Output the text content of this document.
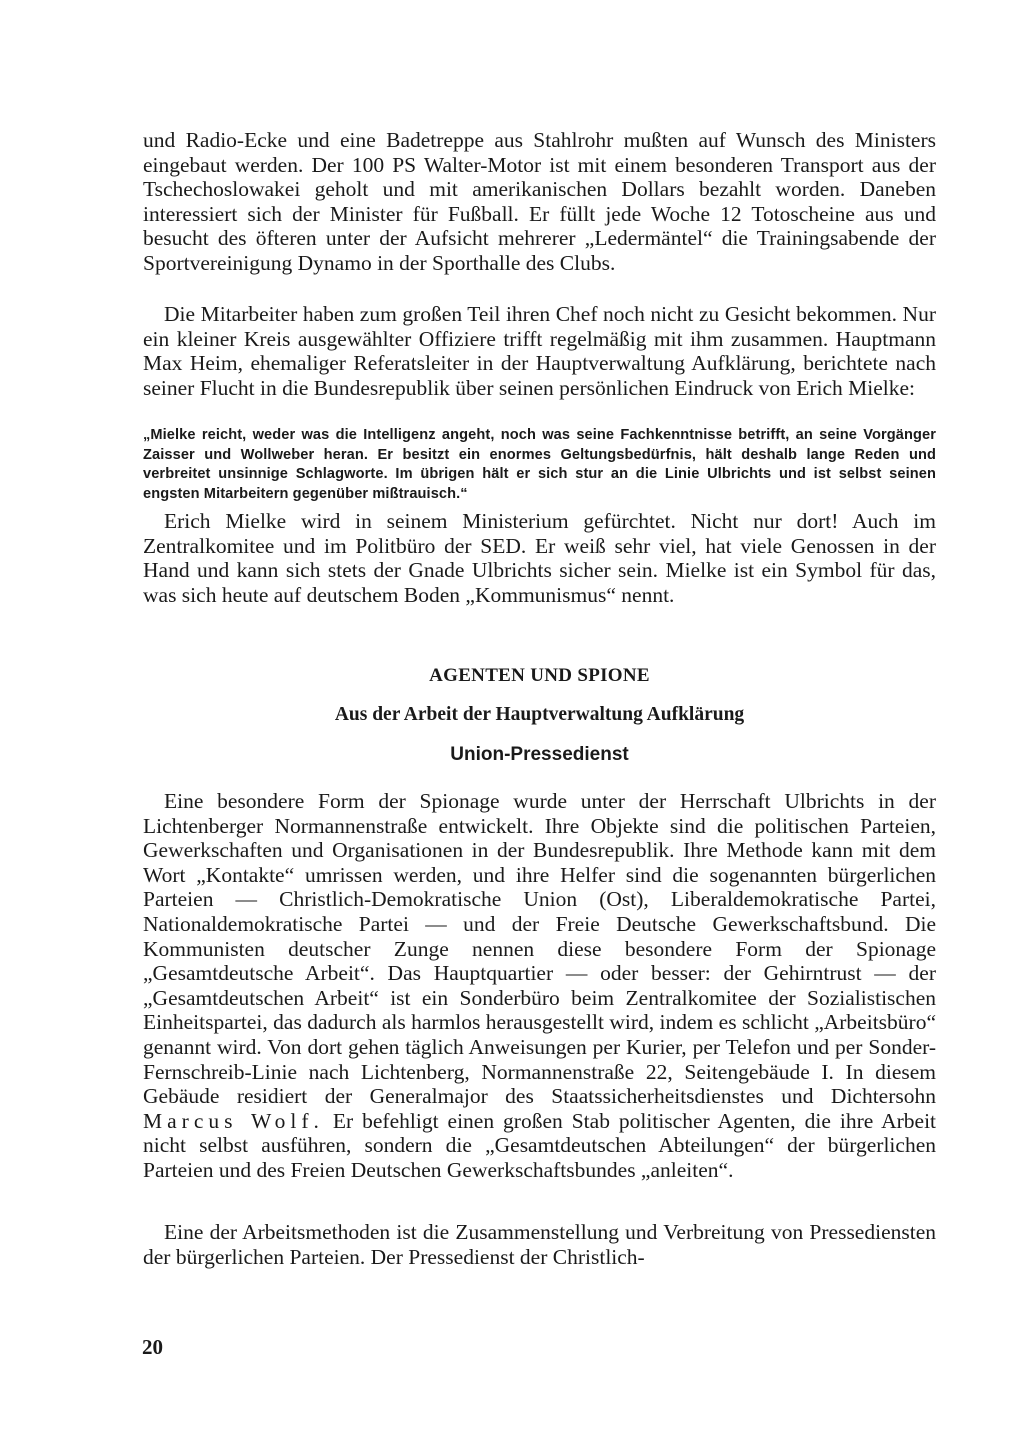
und Radio-Ecke und eine Badetreppe aus Stahlrohr mußten auf Wunsch des Ministers eingebaut werden. Der 100 PS Walter-Motor ist mit einem besonderen Transport aus der Tschechoslowakei geholt und mit amerikanischen Dollars bezahlt worden. Daneben interessiert sich der Minister für Fußball. Er füllt jede Woche 12 Totoscheine aus und besucht des öfteren unter der Aufsicht mehrerer „Ledermäntel“ die Trainingsabende der Sportvereinigung Dynamo in der Sporthalle des Clubs.

Die Mitarbeiter haben zum großen Teil ihren Chef noch nicht zu Gesicht bekommen. Nur ein kleiner Kreis ausgewählter Offiziere trifft regelmäßig mit ihm zusammen. Hauptmann Max Heim, ehemaliger Referatsleiter in der Hauptverwaltung Aufklärung, berichtete nach seiner Flucht in die Bundesrepublik über seinen persönlichen Eindruck von Erich Mielke:

„Mielke reicht, weder was die Intelligenz angeht, noch was seine Fachkenntnisse betrifft, an seine Vorgänger Zaisser und Wollweber heran. Er besitzt ein enormes Geltungsbedürfnis, hält deshalb lange Reden und verbreitet unsinnige Schlagworte. Im übrigen hält er sich stur an die Linie Ulbrichts und ist selbst seinen engsten Mitarbeitern gegenüber mißtrauisch.“

Erich Mielke wird in seinem Ministerium gefürchtet. Nicht nur dort! Auch im Zentralkomitee und im Politbüro der SED. Er weiß sehr viel, hat viele Genossen in der Hand und kann sich stets der Gnade Ulbrichts sicher sein. Mielke ist ein Symbol für das, was sich heute auf deutschem Boden „Kommunismus“ nennt.

AGENTEN UND SPIONE
Aus der Arbeit der Hauptverwaltung Aufklärung
Union-Pressedienst

Eine besondere Form der Spionage wurde unter der Herrschaft Ulbrichts in der Lichtenberger Normannenstraße entwickelt. Ihre Objekte sind die politischen Parteien, Gewerkschaften und Organisationen in der Bundesrepublik. Ihre Methode kann mit dem Wort „Kontakte“ umrissen werden, und ihre Helfer sind die sogenannten bürgerlichen Parteien — Christlich-Demokratische Union (Ost), Liberaldemokratische Partei, Nationaldemokratische Partei — und der Freie Deutsche Gewerkschaftsbund. Die Kommunisten deutscher Zunge nennen diese besondere Form der Spionage „Gesamtdeutsche Arbeit“. Das Hauptquartier — oder besser: der Gehirntrust — der „Gesamtdeutschen Arbeit“ ist ein Sonderbüro beim Zentralkomitee der Sozialistischen Einheitspartei, das dadurch als harmlos herausgestellt wird, indem es schlicht „Arbeitsbüro“ genannt wird. Von dort gehen täglich Anweisungen per Kurier, per Telefon und per Sonder-Fernschreib-Linie nach Lichtenberg, Normannenstraße 22, Seitengebäude I. In diesem Gebäude residiert der Generalmajor des Staatssicherheitsdienstes und Dichtersohn Marcus Wolf. Er befehligt einen großen Stab politischer Agenten, die ihre Arbeit nicht selbst ausführen, sondern die „Gesamtdeutschen Abteilungen“ der bürgerlichen Parteien und des Freien Deutschen Gewerkschaftsbundes „anleiten“.

Eine der Arbeitsmethoden ist die Zusammenstellung und Verbreitung von Pressediensten der bürgerlichen Parteien. Der Pressedienst der Christlich-

20
